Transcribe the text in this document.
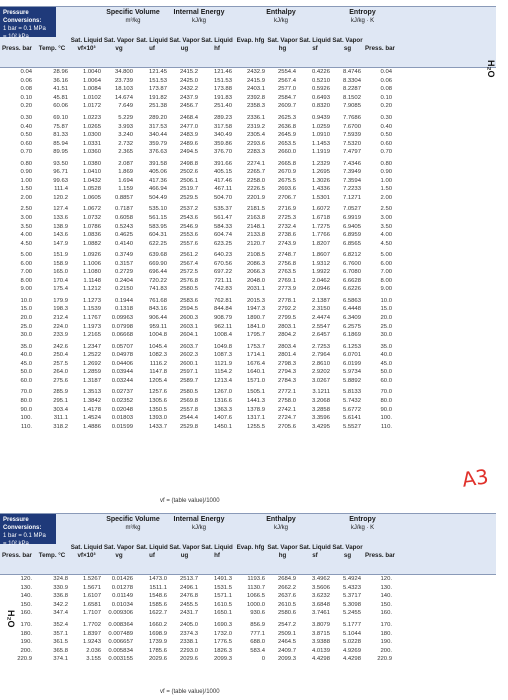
Pressure Conversions:
1 bar = 0.1 MPa
= 10² kPa
Specific Volume
m³/kg
Internal Energy
kJ/kg
Enthalpy
kJ/kg
Entropy
kJ/kg · K
Press. bar	Temp. °C
Sat. Liquid vf×10³
Sat. Vapor vg
Sat. Liquid uf
Sat. Vapor ug
Sat. Liquid hf
Evap. hfg Sat. Vapor hg
Sat. Liquid sf
Sat. Vapor sg	Press. bar
0.04	28.96	1.0040	34.800	121.45	2415.2	121.46	2432.9	2554.4	0.4226	8.4746	0.04
0.06	36.16	1.0064	23.739	151.53	2425.0	151.53	2415.9	2567.4	0.5210	8.3304	0.06
0.08	41.51	1.0084	18.103	173.87	2432.2	173.88	2403.1	2577.0	0.5926	8.2287	0.08
0.10	45.81	1.0102	14.674	191.82	2437.9	191.83	2392.8	2584.7	0.6493	8.1502	0.10
0.20	60.06	1.0172	7.649	251.38	2456.7	251.40	2358.3	2609.7	0.8320	7.9085	0.20
0.30	69.10	1.0223	5.229	289.20	2468.4	289.23	2336.1	2625.3	0.9439	7.7686	0.30
0.40	75.87	1.0265	3.993	317.53	2477.0	317.58	2319.2	2636.8	1.0259	7.6700	0.40
0.50	81.33	1.0300	3.240	340.44	2483.9	340.49	2305.4	2645.9	1.0910	7.5939	0.50
0.60	85.94	1.0331	2.732	359.79	2489.6	359.86	2293.6	2653.5	1.1453	7.5320	0.60
0.70	89.95	1.0360	2.365	376.63	2494.5	376.70	2283.3	2660.0	1.1919	7.4797	0.70
0.80	93.50	1.0380	2.087	391.58	2498.8	391.66	2274.1	2665.8	1.2329	7.4346	0.80
0.90	96.71	1.0410	1.869	405.06	2502.6	405.15	2265.7	2670.9	1.2695	7.3949	0.90
1.00	99.63	1.0432	1.694	417.36	2506.1	417.46	2258.0	2675.5	1.3026	7.3594	1.00
1.50	111.4	1.0528	1.159	466.94	2519.7	467.11	2226.5	2693.6	1.4336	7.2233	1.50
2.00	120.2	1.0605	0.8857	504.49	2529.5	504.70	2201.9	2706.7	1.5301	7.1271	2.00
2.50	127.4	1.0672	0.7187	535.10	2537.2	535.37	2181.5	2716.9	1.6072	7.0527	2.50
3.00	133.6	1.0732	0.6058	561.15	2543.6	561.47	2163.8	2725.3	1.6718	6.9919	3.00
3.50	138.9	1.0786	0.5243	583.95	2546.9	584.33	2148.1	2732.4	1.7275	6.9405	3.50
4.00	143.6	1.0836	0.4625	604.31	2553.6	604.74	2133.8	2738.6	1.7766	6.8959	4.00
4.50	147.9	1.0882	0.4140	622.25	2557.6	623.25	2120.7	2743.9	1.8207	6.8565	4.50
5.00	151.9	1.0926	0.3749	639.68	2561.2	640.23	2108.5	2748.7	1.8607	6.8212	5.00
6.00	158.9	1.1006	0.3157	669.90	2567.4	670.56	2086.3	2756.8	1.9312	6.7600	6.00
7.00	165.0	1.1080	0.2729	696.44	2572.5	697.22	2066.3	2763.5	1.9922	6.7080	7.00
8.00	170.4	1.1148	0.2404	720.22	2576.8	721.11	2048.0	2769.1	2.0462	6.6628	8.00
9.00	175.4	1.1212	0.2150	741.83	2580.5	742.83	2031.1	2773.9	2.0946	6.6226	9.00
10.0	179.9	1.1273	0.1944	761.68	2583.6	762.81	2015.3	2778.1	2.1387	6.5863	10.0
15.0	198.3	1.1539	0.1318	843.16	2594.5	844.84	1947.3	2792.2	2.3150	6.4448	15.0
20.0	212.4	1.1767	0.09963	906.44	2600.3	908.79	1890.7	2799.5	2.4474	6.3409	20.0
25.0	224.0	1.1973	0.07998	959.11	2603.1	962.11	1841.0	2803.1	2.5547	6.2575	25.0
30.0	233.9	1.2165	0.06668	1004.8	2604.1	1008.4	1795.7	2804.2	2.6457	6.1869	30.0
35.0	242.6	1.2347	0.05707	1045.4	2603.7	1049.8	1753.7	2803.4	2.7253	6.1253	35.0
40.0	250.4	1.2522	0.04978	1082.3	2602.3	1087.3	1714.1	2801.4	2.7964	6.0701	40.0
45.0	257.5	1.2692	0.04406	1116.2	2600.1	1121.9	1676.4	2798.3	2.8610	6.0199	45.0
50.0	264.0	1.2859	0.03944	1147.8	2597.1	1154.2	1640.1	2794.3	2.9202	5.9734	50.0
60.0	275.6	1.3187	0.03244	1205.4	2589.7	1213.4	1571.0	2784.3	3.0267	5.8892	60.0
70.0	285.9	1.3513	0.02737	1257.6	2580.5	1267.0	1505.1	2772.1	3.1211	5.8133	70.0
80.0	295.1	1.3842	0.02352	1305.6	2569.8	1316.6	1441.3	2758.0	3.2068	5.7432	80.0
90.0	303.4	1.4178	0.02048	1350.5	2557.8	1363.3	1378.9	2742.1	3.2858	5.6772	90.0
100.	311.1	1.4524	0.01803	1393.0	2544.4	1407.6	1317.1	2724.7	3.3596	5.6141	100.
110.	318.2	1.4886	0.01599	1433.7	2529.8	1450.1	1255.5	2705.6	3.4295	5.5527	110.
vf = (table value)/1000
H₂O
A3
Pressure Conversions:
1 bar = 0.1 MPa
= 10² kPa
Specific Volume
m³/kg
Internal Energy
kJ/kg
Enthalpy
kJ/kg
Entropy
kJ/kg · K
Press. bar	Temp. °C
Sat. Liquid vf×10³
Sat. Vapor vg
Sat. Liquid uf
Sat. Vapor ug
Sat. Liquid hf
Evap. hfg Sat. Vapor hg
Sat. Liquid sf
Sat. Vapor sg	Press. bar
120.	324.8	1.5267	0.01426	1473.0	2513.7	1491.3	1193.6	2684.9	3.4962	5.4924	120.
130.	330.9	1.5671	0.01278	1511.1	2496.1	1531.5	1130.7	2662.2	3.5606	5.4323	130.
140.	336.8	1.6107	0.01149	1548.6	2476.8	1571.1	1066.5	2637.6	3.6232	5.3717	140.
150.	342.2	1.6581	0.01034	1585.6	2455.5	1610.5	1000.0	2610.5	3.6848	5.3098	150.
160.	347.4	1.7107	0.009306	1622.7	2431.7	1650.1	930.6	2580.6	3.7461	5.2455	160.
170.	352.4	1.7702	0.008364	1660.2	2405.0	1690.3	856.9	2547.2	3.8079	5.1777	170.
180.	357.1	1.8397	0.007489	1698.9	2374.3	1732.0	777.1	2509.1	3.8715	5.1044	180.
190.	361.5	1.9243	0.006657	1739.9	2338.1	1776.5	688.0	2464.5	3.9388	5.0228	190.
200.	365.8	2.036	0.005834	1785.6	2293.0	1826.3	583.4	2409.7	4.0139	4.9269	200.
220.9	374.1	3.155	0.003155	2029.6	2029.6	2099.3	0	2099.3	4.4298	4.4298	220.9
vf = (table value)/1000
H₂O
